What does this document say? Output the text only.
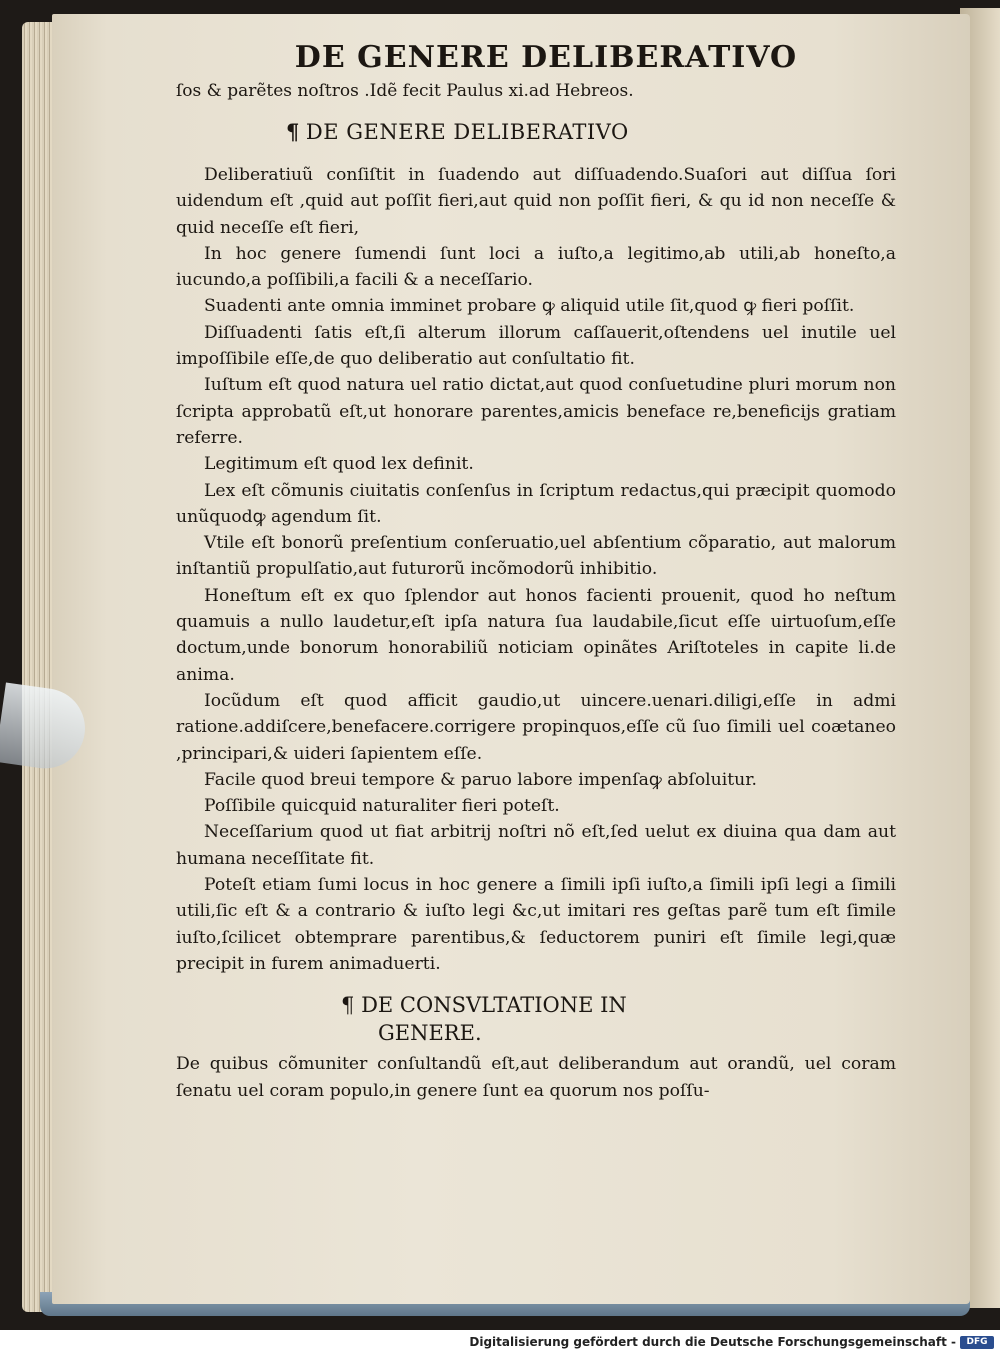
DE GENERE DELIBERATIVO

ſos & parẽtes noſtros .Idẽ fecit Paulus xi.ad Hebreos.

¶ DE GENERE DELIBERATIVO

Deliberatiuũ conſiſtit in ſuadendo aut diſſuadendo.Suaſori aut diſſua ſori uidendum eſt ,quid aut poſſit fieri,aut quid non poſſit fieri, & qu id non neceſſe & quid neceſſe eſt fieri,

In hoc genere ſumendi ſunt loci a iuſto,a legitimo,ab utili,ab honeſto,a iucundo,a poſſibili,a facili & a neceſſario.

Suadenti ante omnia imminet probare ꝙ aliquid utile ſit,quod ꝙ fieri poſſit.

Diſſuadenti ſatis eſt,ſi alterum illorum caſſauerit,oſtendens uel inutile uel impoſſibile eſſe,de quo deliberatio aut conſultatio fit.

Iuſtum eſt quod natura uel ratio dictat,aut quod conſuetudine pluri morum non ſcripta approbatũ eſt,ut honorare parentes,amicis beneface re,beneficijs gratiam referre.

Legitimum eſt quod lex definit.

Lex eſt cõmunis ciuitatis conſenſus in ſcriptum redactus,qui præcipit quomodo unũquodꝙ agendum ſit.

Vtile eſt bonorũ preſentium conſeruatio,uel abſentium cõparatio, aut malorum inſtantiũ propulſatio,aut futurorũ incõmodorũ inhibitio.

Honeſtum eſt ex quo ſplendor aut honos facienti prouenit, quod ho neſtum quamuis a nullo laudetur,eſt ipſa natura ſua laudabile,ſicut eſſe uirtuoſum,eſſe doctum,unde bonorum honorabiliũ noticiam opinãtes Ariſtoteles in capite li.de anima.

Iocũdum eſt quod afficit gaudio,ut uincere.uenari.diligi,eſſe in admi ratione.addiſcere,benefacere.corrigere propinquos,eſſe cũ ſuo ſimili uel coætaneo ,principari,& uideri ſapientem eſſe.

Facile quod breui tempore & paruo labore impenſaꝙ abſoluitur.

Poſſibile quicquid naturaliter fieri poteſt.

Neceſſarium quod ut fiat arbitrij noſtri nõ eſt,ſed uelut ex diuina qua dam aut humana neceſſitate fit.

Poteſt etiam ſumi locus in hoc genere a ſimili ipſi iuſto,a ſimili ipſi legi a ſimili utili,ſic eſt & a contrario & iuſto legi &c,ut imitari res geſtas parẽ tum eſt ſimile iuſto,ſcilicet obtemprare parentibus,& ſeductorem puniri eſt ſimile legi,quæ precipit in furem animaduerti.

¶ DE CONSVLTATIONE IN
GENERE.

De quibus cõmuniter conſultandũ eſt,aut deliberandum aut orandũ, uel coram ſenatu uel coram populo,in genere ſunt ea quorum nos poſſu-

Digitalisierung gefördert durch die Deutsche Forschungsgemeinschaft -	DFG
